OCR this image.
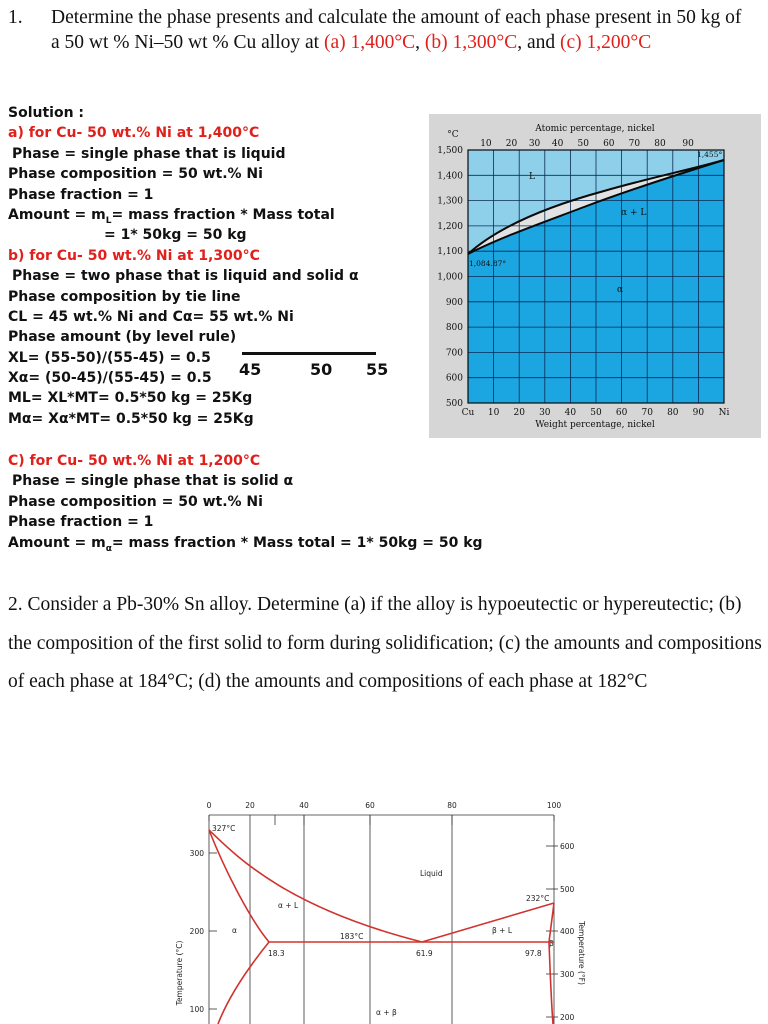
1. Determine the phase presents and calculate the amount of each phase present in 50 kg of a 50 wt % Ni–50 wt % Cu alloy at (a) 1,400°C, (b) 1,300°C, and (c) 1,200°C
Solution :
a) for Cu- 50 wt.% Ni at 1,400°C
Phase = single phase that is liquid
Phase composition = 50 wt.% Ni
Phase fraction = 1
Amount = $m_L=$ mass fraction * Mass total
= 1* 50kg = 50 kg
b) for Cu- 50 wt.% Ni at 1,300°C
Phase = two phase that is liquid and solid α
Phase composition by tie line
CL = 45 wt.% Ni and Cα= 55 wt.% Ni
Phase amount (by level rule)
XL= (55-50)/(55-45) = 0.5
Xα= (50-45)/(55-45) = 0.5
ML= XL*MT= 0.5*50 kg = 25Kg
Mα= Xα*MT= 0.5*50 kg = 25Kg
45	50 55
C) for Cu- 50 wt.% Ni at 1,200°C
Phase = single phase that is solid α
Phase composition = 50 wt.% Ni
Phase fraction = 1
Amount = $m_\alpha=$ mass fraction * Mass total = 1* 50kg = 50 kg
Atomic percentage, nickel
°C
Weight percentage, nickel
L
α + L
α
1,084.87°
1,455°
1,500
1,400
1,300
1,200
1,100
1,000
900
800
700
600
500
Cu 10 20 30 40 50 60 70 80 90 Ni
10 20 30 40 50 60 70 80 90
2. Consider a Pb-30% Sn alloy. Determine (a) if the alloy is hypoeutectic or hypereutectic; (b) the composition of the first solid to form during solidification; (c) the amounts and compositions of each phase at 184°C; (d) the amounts and compositions of each phase at 182°C
Temperature (°C)	Temperature (°F)
327°C
232°C
183°C
Liquid
α + L
β + L
α
β
α + β
18.3	61.9	97.8
0	20	40	60	80	100
300
200
100
600
500
400
300
200
